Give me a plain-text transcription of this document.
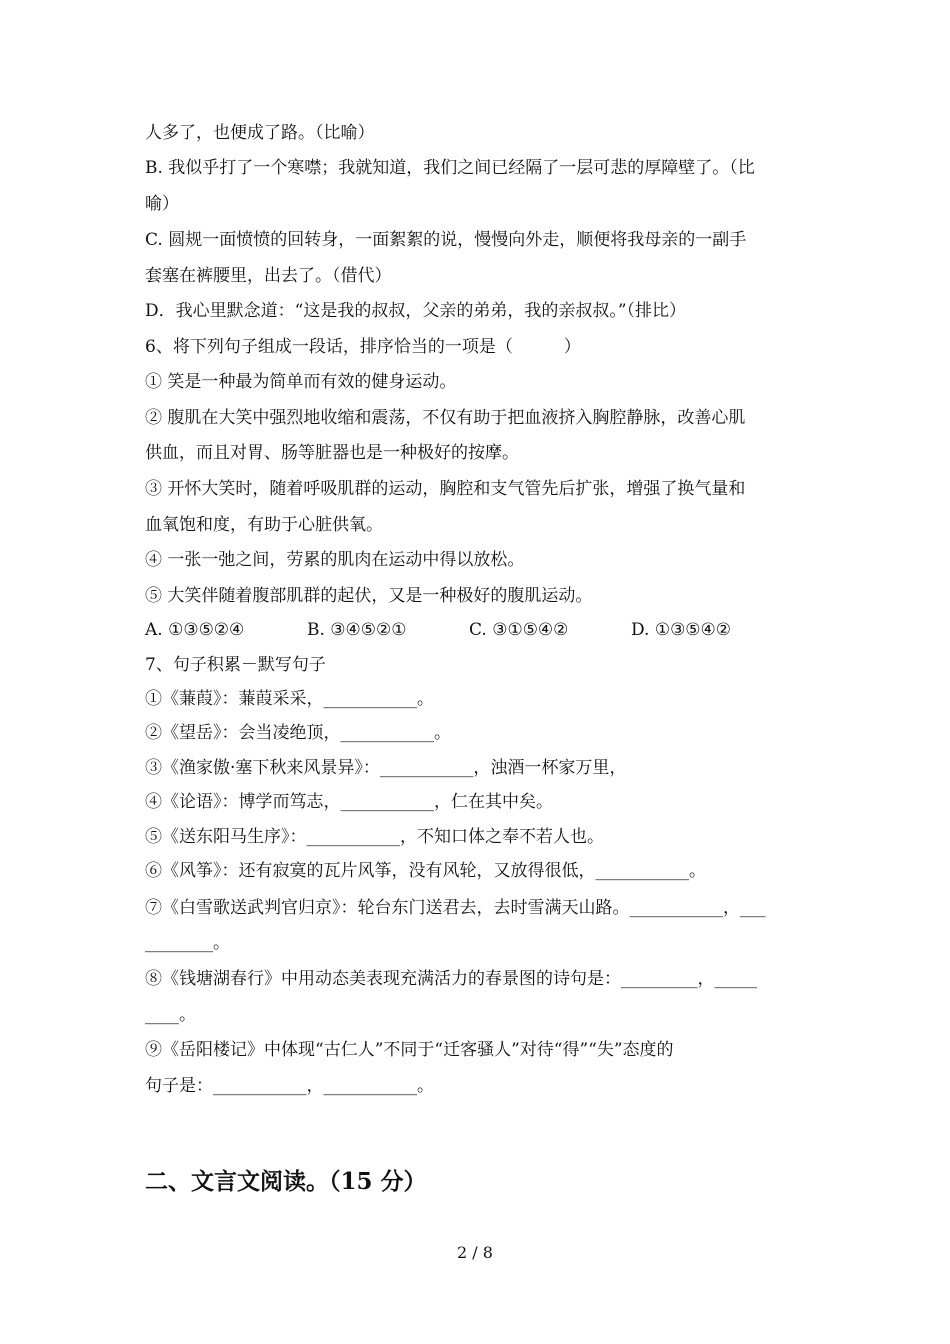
人多了，也便成了路。（比喻）
B. 我似乎打了一个寒噤；我就知道，我们之间已经隔了一层可悲的厚障壁了。（比
喻）
C. 圆规一面愤愤的回转身，一面絮絮的说，慢慢向外走，顺便将我母亲的一副手
套塞在裤腰里，出去了。（借代）
D．我心里默念道：“这是我的叔叔，父亲的弟弟，我的亲叔叔。”（排比）
6、将下列句子组成一段话，排序恰当的一项是（　　　）
① 笑是一种最为简单而有效的健身运动。
② 腹肌在大笑中强烈地收缩和震荡，不仅有助于把血液挤入胸腔静脉，改善心肌
供血，而且对胃、肠等脏器也是一种极好的按摩。
③ 开怀大笑时，随着呼吸肌群的运动，胸腔和支气管先后扩张，增强了换气量和
血氧饱和度，有助于心脏供氧。
④ 一张一弛之间，劳累的肌肉在运动中得以放松。
⑤ 大笑伴随着腹部肌群的起伏，又是一种极好的腹肌运动。
A. ①③⑤②④	B. ③④⑤②①	C. ③①⑤④②	D. ①③⑤④②
7、句子积累－默写句子
①《蒹葭》：蒹葭采采，___________。
②《望岳》：会当凌绝顶，___________。
③《渔家傲·塞下秋来风景异》：___________，浊酒一杯家万里，
④《论语》：博学而笃志，___________，仁在其中矣。
⑤《送东阳马生序》：___________，不知口体之奉不若人也。
⑥《风筝》：还有寂寞的瓦片风筝，没有风轮，又放得很低，___________。
⑦《白雪歌送武判官归京》：轮台东门送君去，去时雪满天山路。___________，___
________。
⑧《钱塘湖春行》中用动态美表现充满活力的春景图的诗句是：_________，_____
____。
⑨《岳阳楼记》中体现“古仁人”不同于“迁客骚人”对待“得”“失”态度的
句子是：___________，___________。
二、文言文阅读。（15 分）
2 / 8
